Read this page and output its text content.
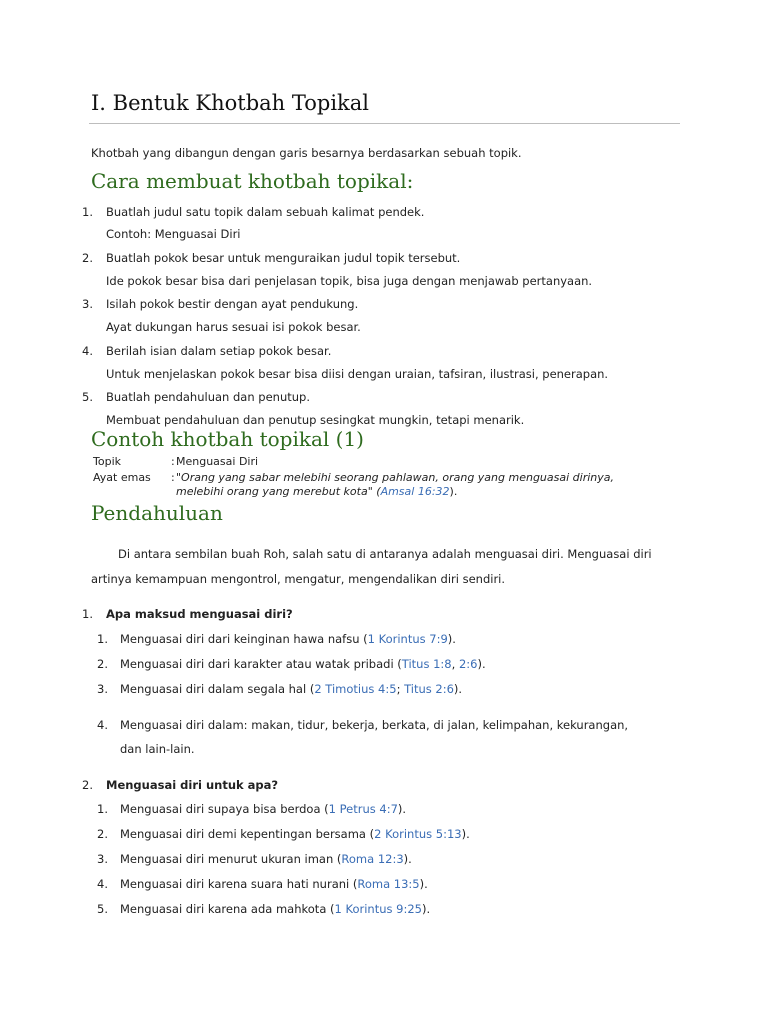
I. Bentuk Khotbah Topikal
Khotbah yang dibangun dengan garis besarnya berdasarkan sebuah topik.
Cara membuat khotbah topikal:
1. Buatlah judul satu topik dalam sebuah kalimat pendek.
Contoh: Menguasai Diri
2. Buatlah pokok besar untuk menguraikan judul topik tersebut.
Ide pokok besar bisa dari penjelasan topik, bisa juga dengan menjawab pertanyaan.
3. Isilah pokok bestir dengan ayat pendukung.
Ayat dukungan harus sesuai isi pokok besar.
4. Berilah isian dalam setiap pokok besar.
Untuk menjelaskan pokok besar bisa diisi dengan uraian, tafsiran, ilustrasi, penerapan.
5. Buatlah pendahuluan dan penutup.
Membuat pendahuluan dan penutup sesingkat mungkin, tetapi menarik.
Contoh khotbah topikal (1)
Topik	: Menguasai Diri
Ayat emas : "Orang yang sabar melebihi seorang pahlawan, orang yang menguasai dirinya,
melebihi orang yang merebut kota" (Amsal 16:32).
Pendahuluan
Di antara sembilan buah Roh, salah satu di antaranya adalah menguasai diri. Menguasai diri
artinya kemampuan mengontrol, mengatur, mengendalikan diri sendiri.
1. Apa maksud menguasai diri?
1. Menguasai diri dari keinginan hawa nafsu (1 Korintus 7:9).
2. Menguasai diri dari karakter atau watak pribadi (Titus 1:8, 2:6).
3. Menguasai diri dalam segala hal (2 Timotius 4:5; Titus 2:6).
4. Menguasai diri dalam: makan, tidur, bekerja, berkata, di jalan, kelimpahan, kekurangan,
dan lain-lain.
2. Menguasai diri untuk apa?
1. Menguasai diri supaya bisa berdoa (1 Petrus 4:7).
2. Menguasai diri demi kepentingan bersama (2 Korintus 5:13).
3. Menguasai diri menurut ukuran iman (Roma 12:3).
4. Menguasai diri karena suara hati nurani (Roma 13:5).
5. Menguasai diri karena ada mahkota (1 Korintus 9:25).
